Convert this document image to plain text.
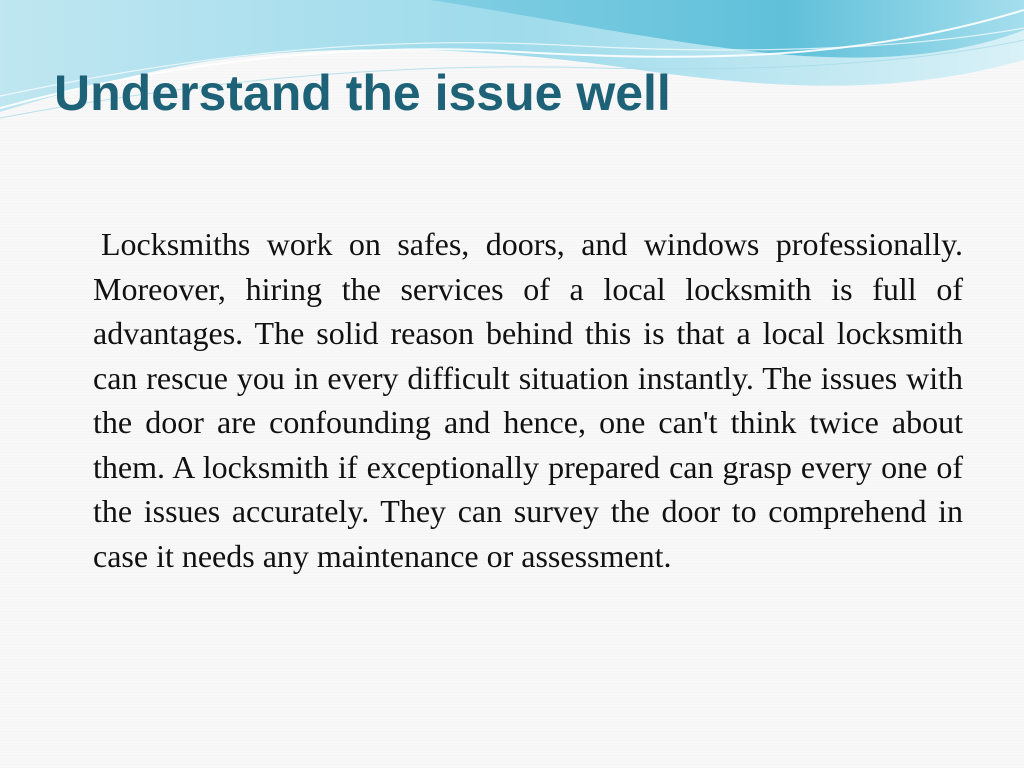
Understand the issue well

Locksmiths work on safes, doors, and windows professionally. Moreover, hiring the services of a local locksmith is full of advantages. The solid reason behind this is that a local locksmith can rescue you in every difficult situation instantly. The issues with the door are confounding and hence, one can't think twice about them. A locksmith if exceptionally prepared can grasp every one of the issues accurately. They can survey the door to comprehend in case it needs any maintenance or assessment.
